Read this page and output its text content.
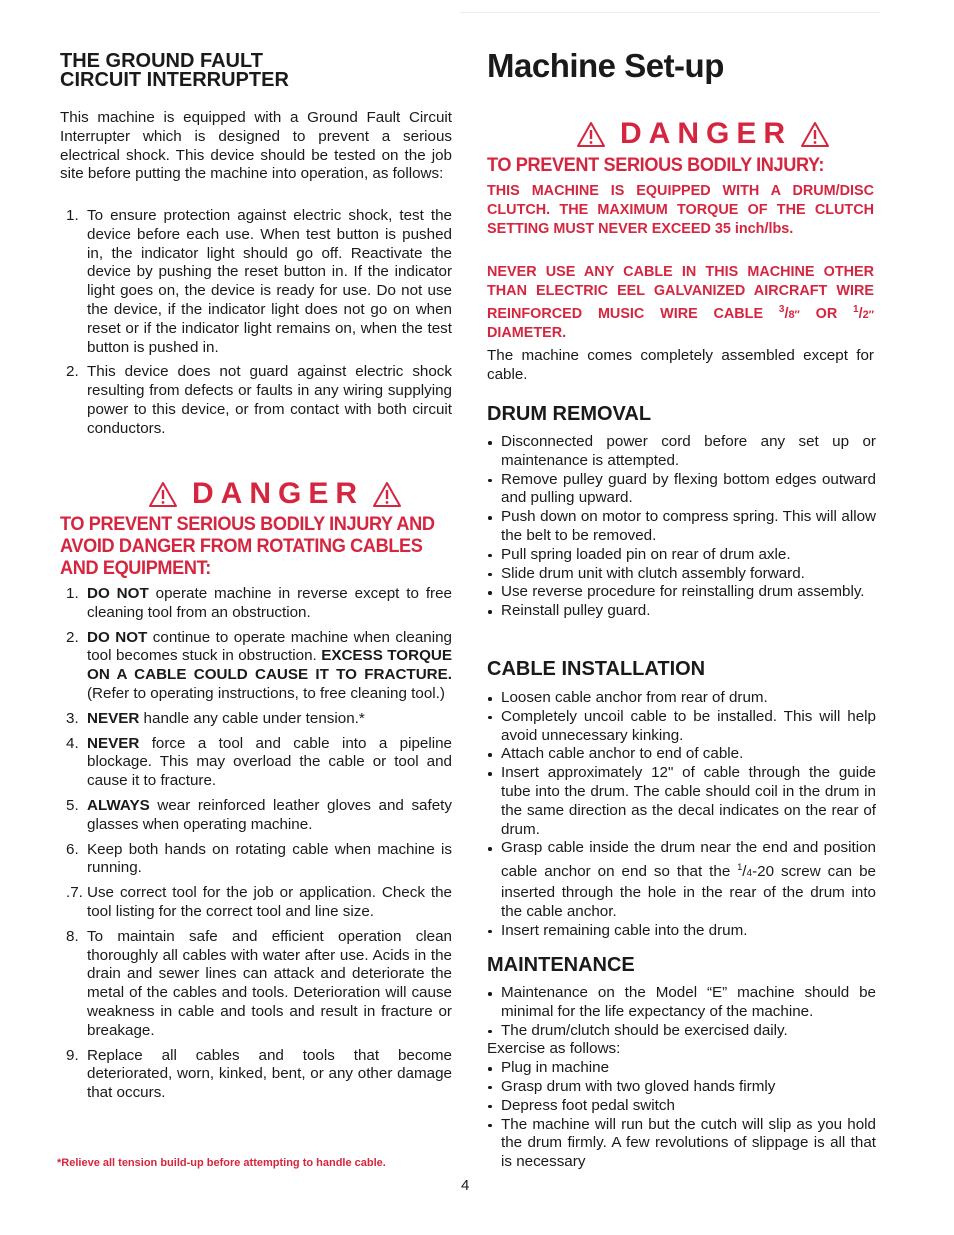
THE GROUND FAULT
CIRCUIT INTERRUPTER

This machine is equipped with a Ground Fault Circuit Interrupter which is designed to prevent a serious electrical shock. This device should be tested on the job site before putting the machine into operation, as follows:

1. To ensure protection against electric shock, test the device before each use. When test button is pushed in, the indicator light should go off. Reactivate the device by pushing the reset button in. If the indicator light goes on, the device is ready for use. Do not use the device, if the indicator light does not go on when reset or if the indicator light remains on, when the test button is pushed in.
2. This device does not guard against electric shock resulting from defects or faults in any wiring supplying power to this device, or from contact with both circuit conductors.
DANGER
TO PREVENT SERIOUS BODILY INJURY AND
AVOID DANGER FROM ROTATING CABLES
AND EQUIPMENT:
1. DO NOT operate machine in reverse except to free cleaning tool from an obstruction.
2. DO NOT continue to operate machine when cleaning tool becomes stuck in obstruction. EXCESS TORQUE ON A CABLE COULD CAUSE IT TO FRACTURE. (Refer to operating instructions, to free cleaning tool.)
3. NEVER handle any cable under tension.*
4. NEVER force a tool and cable into a pipeline blockage. This may overload the cable or tool and cause it to fracture.
5. ALWAYS wear reinforced leather gloves and safety glasses when operating machine.
6. Keep both hands on rotating cable when machine is running.
.7. Use correct tool for the job or application. Check the tool listing for the correct tool and line size.
8. To maintain safe and efficient operation clean thoroughly all cables with water after use. Acids in the drain and sewer lines can attack and deteriorate the metal of the cables and tools. Deterioration will cause weakness in cable and tools and result in fracture or breakage.
9. Replace all cables and tools that become deteriorated, worn, kinked, bent, or any other damage that occurs.

*Relieve all tension build-up before attempting to handle cable.

4

Machine Set-up
DANGER
TO PREVENT SERIOUS BODILY INJURY:

THIS MACHINE IS EQUIPPED WITH A DRUM/DISC CLUTCH. THE MAXIMUM TORQUE OF THE CLUTCH SETTING MUST NEVER EXCEED 35 inch/lbs.

NEVER USE ANY CABLE IN THIS MACHINE OTHER THAN ELECTRIC EEL GALVANIZED AIRCRAFT WIRE REINFORCED MUSIC WIRE CABLE $^3$/8″ OR $^1$/2″ DIAMETER.

The machine comes completely assembled except for cable.

DRUM REMOVAL
Disconnected power cord before any set up or maintenance is attempted.
Remove pulley guard by flexing bottom edges outward and pulling upward.
Push down on motor to compress spring. This will allow the belt to be removed.
Pull spring loaded pin on rear of drum axle.
Slide drum unit with clutch assembly forward.
Use reverse procedure for reinstalling drum assembly.
Reinstall pulley guard.
CABLE INSTALLATION
Loosen cable anchor from rear of drum.
Completely uncoil cable to be installed. This will help avoid unnecessary kinking.
Attach cable anchor to end of cable.
Insert approximately 12" of cable through the guide tube into the drum. The cable should coil in the drum in the same direction as the decal indicates on the rear of drum.
Grasp cable inside the drum near the end and position cable anchor on end so that the $^1$/4-20 screw can be inserted through the hole in the rear of the drum into the cable anchor.
Insert remaining cable into the drum.
MAINTENANCE
Maintenance on the Model “E” machine should be minimal for the life expectancy of the machine.
The drum/clutch should be exercised daily.
Exercise as follows:
Plug in machine
Grasp drum with two gloved hands firmly
Depress foot pedal switch
The machine will run but the cutch will slip as you hold the drum firmly. A few revolutions of slippage is all that is necessary
